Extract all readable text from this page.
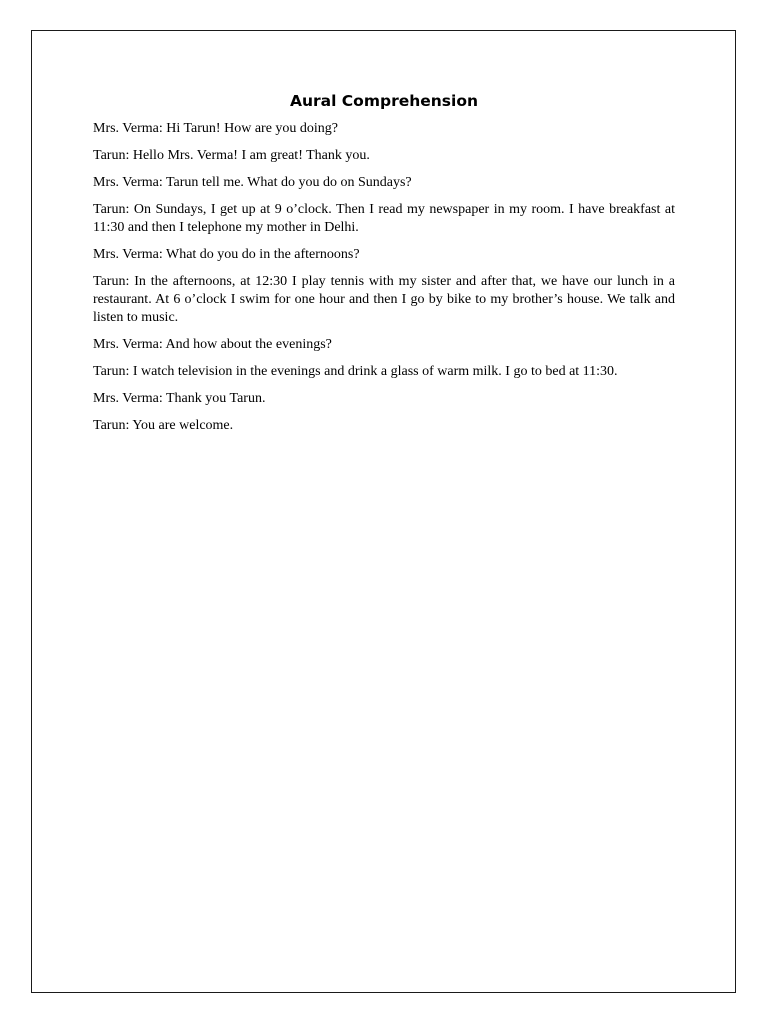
Aural Comprehension

Mrs. Verma: Hi Tarun! How are you doing?

Tarun: Hello Mrs. Verma! I am great! Thank you.

Mrs. Verma: Tarun tell me. What do you do on Sundays?

Tarun: On Sundays, I get up at 9 o’clock. Then I read my newspaper in my room. I have breakfast at 11:30 and then I telephone my mother in Delhi.

Mrs. Verma: What do you do in the afternoons?

Tarun: In the afternoons, at 12:30 I play tennis with my sister and after that, we have our lunch in a restaurant. At 6 o’clock I swim for one hour and then I go by bike to my brother’s house. We talk and listen to music.

Mrs. Verma: And how about the evenings?

Tarun: I watch television in the evenings and drink a glass of warm milk. I go to bed at 11:30.

Mrs. Verma: Thank you Tarun.

Tarun: You are welcome.
